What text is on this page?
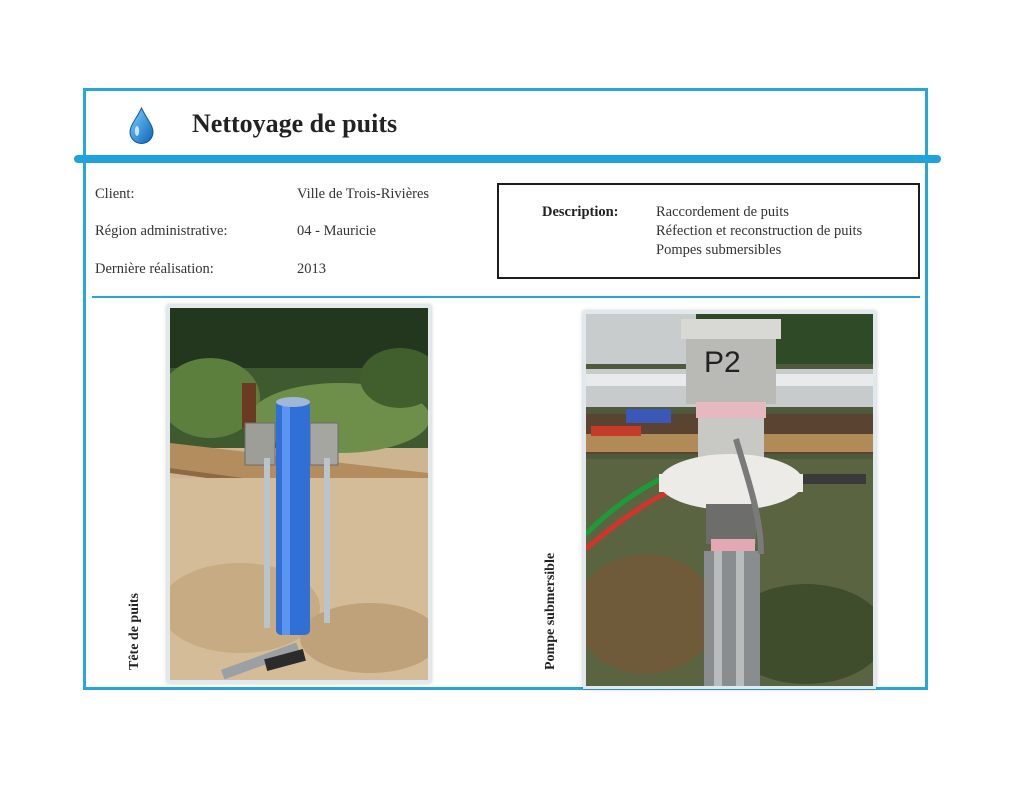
Nettoyage de puits
Client:	Ville de Trois-Rivières
Région administrative:	04 - Mauricie
Dernière réalisation:	2013
Description:	Raccordement de puits
Réfection et reconstruction de puits
Pompes submersibles
Tête de puits
P2
Pompe submersible
